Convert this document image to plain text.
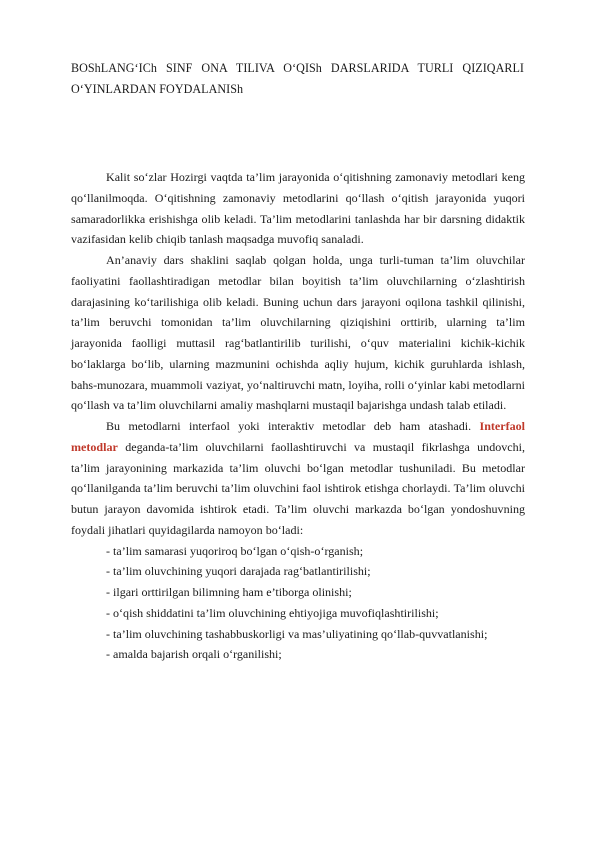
BOShLANG‘ICh SINF ONA TILIVA O‘QISh DARSLARIDA TURLI QIZIQARLI O‘YINLARDAN FOYDALANISh

Kalit so‘zlar Hozirgi vaqtda ta’lim jarayonida o‘qitishning zamonaviy metodlari keng qo‘llanilmoqda. O‘qitishning zamonaviy metodlarini qo‘llash o‘qitish jarayonida yuqori samaradorlikka erishishga olib keladi. Ta’lim metodlarini tanlashda har bir darsning didaktik vazifasidan kelib chiqib tanlash maqsadga muvofiq sanaladi.

An’anaviy dars shaklini saqlab qolgan holda, unga turli-tuman ta’lim oluvchilar faoliyatini faollashtiradigan metodlar bilan boyitish ta’lim oluvchilarning o‘zlashtirish darajasining ko‘tarilishiga olib keladi. Buning uchun dars jarayoni oqilona tashkil qilinishi, ta’lim beruvchi tomonidan ta’lim oluvchilarning qiziqishini orttirib, ularning ta’lim jarayonida faolligi muttasil rag‘batlantirilib turilishi, o‘quv materialini kichik-kichik bo‘laklarga bo‘lib, ularning mazmunini ochishda aqliy hujum, kichik guruhlarda ishlash, bahs-munozara, muammoli vaziyat, yo‘naltiruvchi matn, loyiha, rolli o‘yinlar kabi metodlarni qo‘llash va ta’lim oluvchilarni amaliy mashqlarni mustaqil bajarishga undash talab etiladi.

Bu metodlarni interfaol yoki interaktiv metodlar deb ham atashadi. Interfaol metodlar deganda-ta’lim oluvchilarni faollashtiruvchi va mustaqil fikrlashga undovchi, ta’lim jarayonining markazida ta’lim oluvchi bo‘lgan metodlar tushuniladi. Bu metodlar qo‘llanilganda ta’lim beruvchi ta’lim oluvchini faol ishtirok etishga chorlaydi. Ta’lim oluvchi butun jarayon davomida ishtirok etadi. Ta’lim oluvchi markazda bo‘lgan yondoshuvning foydali jihatlari quyidagilarda namoyon bo‘ladi:

- ta’lim samarasi yuqoriroq bo‘lgan o‘qish-o‘rganish;
- ta’lim oluvchining yuqori darajada rag‘batlantirilishi;
- ilgari orttirilgan bilimning ham e’tiborga olinishi;
- o‘qish shiddatini ta’lim oluvchining ehtiyojiga muvofiqlashtirilishi;
- ta’lim oluvchining tashabbuskorligi va mas’uliyatining qo‘llab-quvvatlanishi;
- amalda bajarish orqali o‘rganilishi;
